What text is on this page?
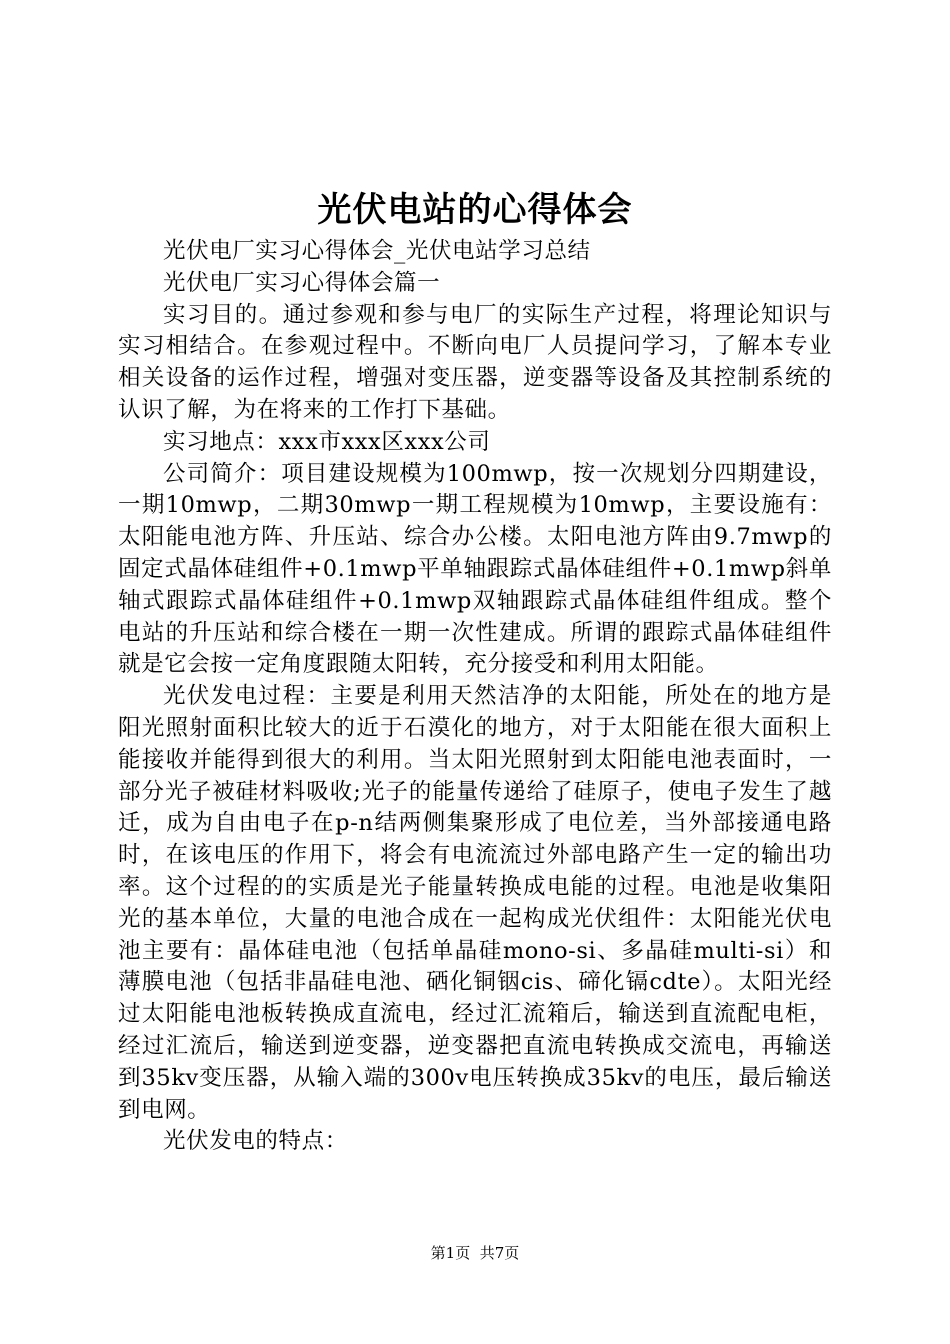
光伏电站的心得体会

光伏电厂实习心得体会_光伏电站学习总结

光伏电厂实习心得体会篇一

实习目的。通过参观和参与电厂的实际生产过程，将理论知识与实习相结合。在参观过程中。不断向电厂人员提问学习，了解本专业相关设备的运作过程，增强对变压器，逆变器等设备及其控制系统的认识了解，为在将来的工作打下基础。

实习地点：xxx市xxx区xxx公司

公司简介：项目建设规模为100mwp，按一次规划分四期建设，一期10mwp，二期30mwp一期工程规模为10mwp，主要设施有：太阳能电池方阵、升压站、综合办公楼。太阳电池方阵由9.7mwp的固定式晶体硅组件+0.1mwp平单轴跟踪式晶体硅组件+0.1mwp斜单轴式跟踪式晶体硅组件+0.1mwp双轴跟踪式晶体硅组件组成。整个电站的升压站和综合楼在一期一次性建成。所谓的跟踪式晶体硅组件就是它会按一定角度跟随太阳转，充分接受和利用太阳能。

光伏发电过程：主要是利用天然洁净的太阳能，所处在的地方是阳光照射面积比较大的近于石漠化的地方，对于太阳能在很大面积上能接收并能得到很大的利用。当太阳光照射到太阳能电池表面时，一部分光子被硅材料吸收;光子的能量传递给了硅原子，使电子发生了越迁，成为自由电子在p-n结两侧集聚形成了电位差，当外部接通电路时，在该电压的作用下，将会有电流流过外部电路产生一定的输出功率。这个过程的的实质是光子能量转换成电能的过程。电池是收集阳光的基本单位，大量的电池合成在一起构成光伏组件：太阳能光伏电池主要有：晶体硅电池（包括单晶硅mono-si、多晶硅multi-si）和薄膜电池（包括非晶硅电池、硒化铜铟cis、碲化镉cdte）。太阳光经过太阳能电池板转换成直流电，经过汇流箱后，输送到直流配电柜，经过汇流后，输送到逆变器，逆变器把直流电转换成交流电，再输送到35kv变压器，从输入端的300v电压转换成35kv的电压，最后输送到电网。

光伏发电的特点：

第1页 共7页
